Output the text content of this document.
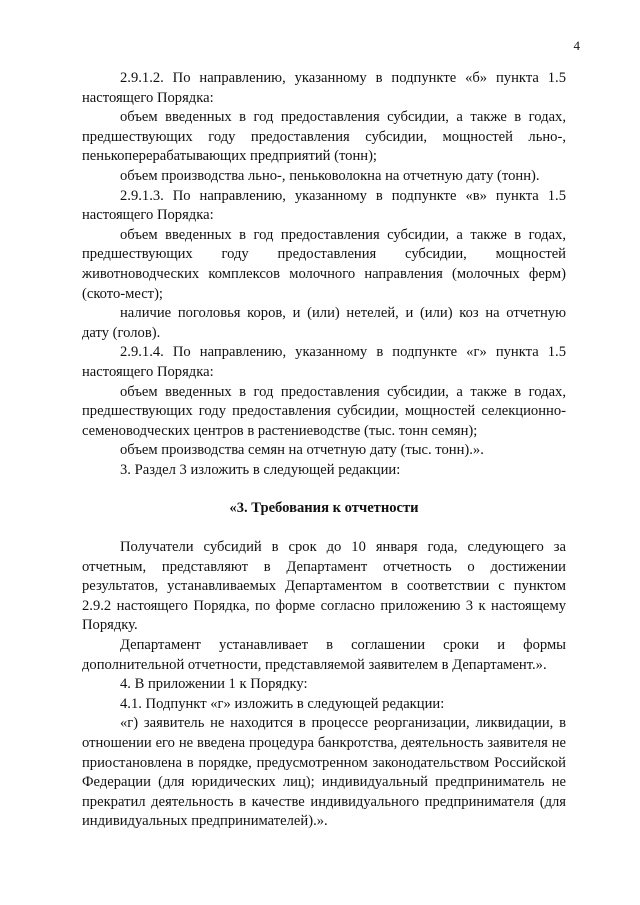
4

2.9.1.2. По направлению, указанному в подпункте «б» пункта 1.5 настоящего Порядка:

объем введенных в год предоставления субсидии, а также в годах, предшествующих году предоставления субсидии, мощностей льно-, пенькоперерабатывающих предприятий (тонн);

объем производства льно-, пеньковолокна на отчетную дату (тонн).

2.9.1.3. По направлению, указанному в подпункте «в» пункта 1.5 настоящего Порядка:

объем введенных в год предоставления субсидии, а также в годах, предшествующих году предоставления субсидии, мощностей животноводческих комплексов молочного направления (молочных ферм) (ското-мест);

наличие поголовья коров, и (или) нетелей, и (или) коз на отчетную дату (голов).

2.9.1.4. По направлению, указанному в подпункте «г» пункта 1.5 настоящего Порядка:

объем введенных в год предоставления субсидии, а также в годах, предшествующих году предоставления субсидии, мощностей селекционно-семеноводческих центров в растениеводстве (тыс. тонн семян);

объем производства семян на отчетную дату (тыс. тонн).».

3. Раздел 3 изложить в следующей редакции:

«3. Требования к отчетности

Получатели субсидий в срок до 10 января года, следующего за отчетным, представляют в Департамент отчетность о достижении результатов, устанавливаемых Департаментом в соответствии с пунктом 2.9.2 настоящего Порядка, по форме согласно приложению 3 к настоящему Порядку.

Департамент устанавливает в соглашении сроки и формы дополнительной отчетности, представляемой заявителем в Департамент.».

4. В приложении 1 к Порядку:

4.1. Подпункт «г» изложить в следующей редакции:

«г) заявитель не находится в процессе реорганизации, ликвидации, в отношении его не введена процедура банкротства, деятельность заявителя не приостановлена в порядке, предусмотренном законодательством Российской Федерации (для юридических лиц); индивидуальный предприниматель не прекратил деятельность в качестве индивидуального предпринимателя (для индивидуальных предпринимателей).».
